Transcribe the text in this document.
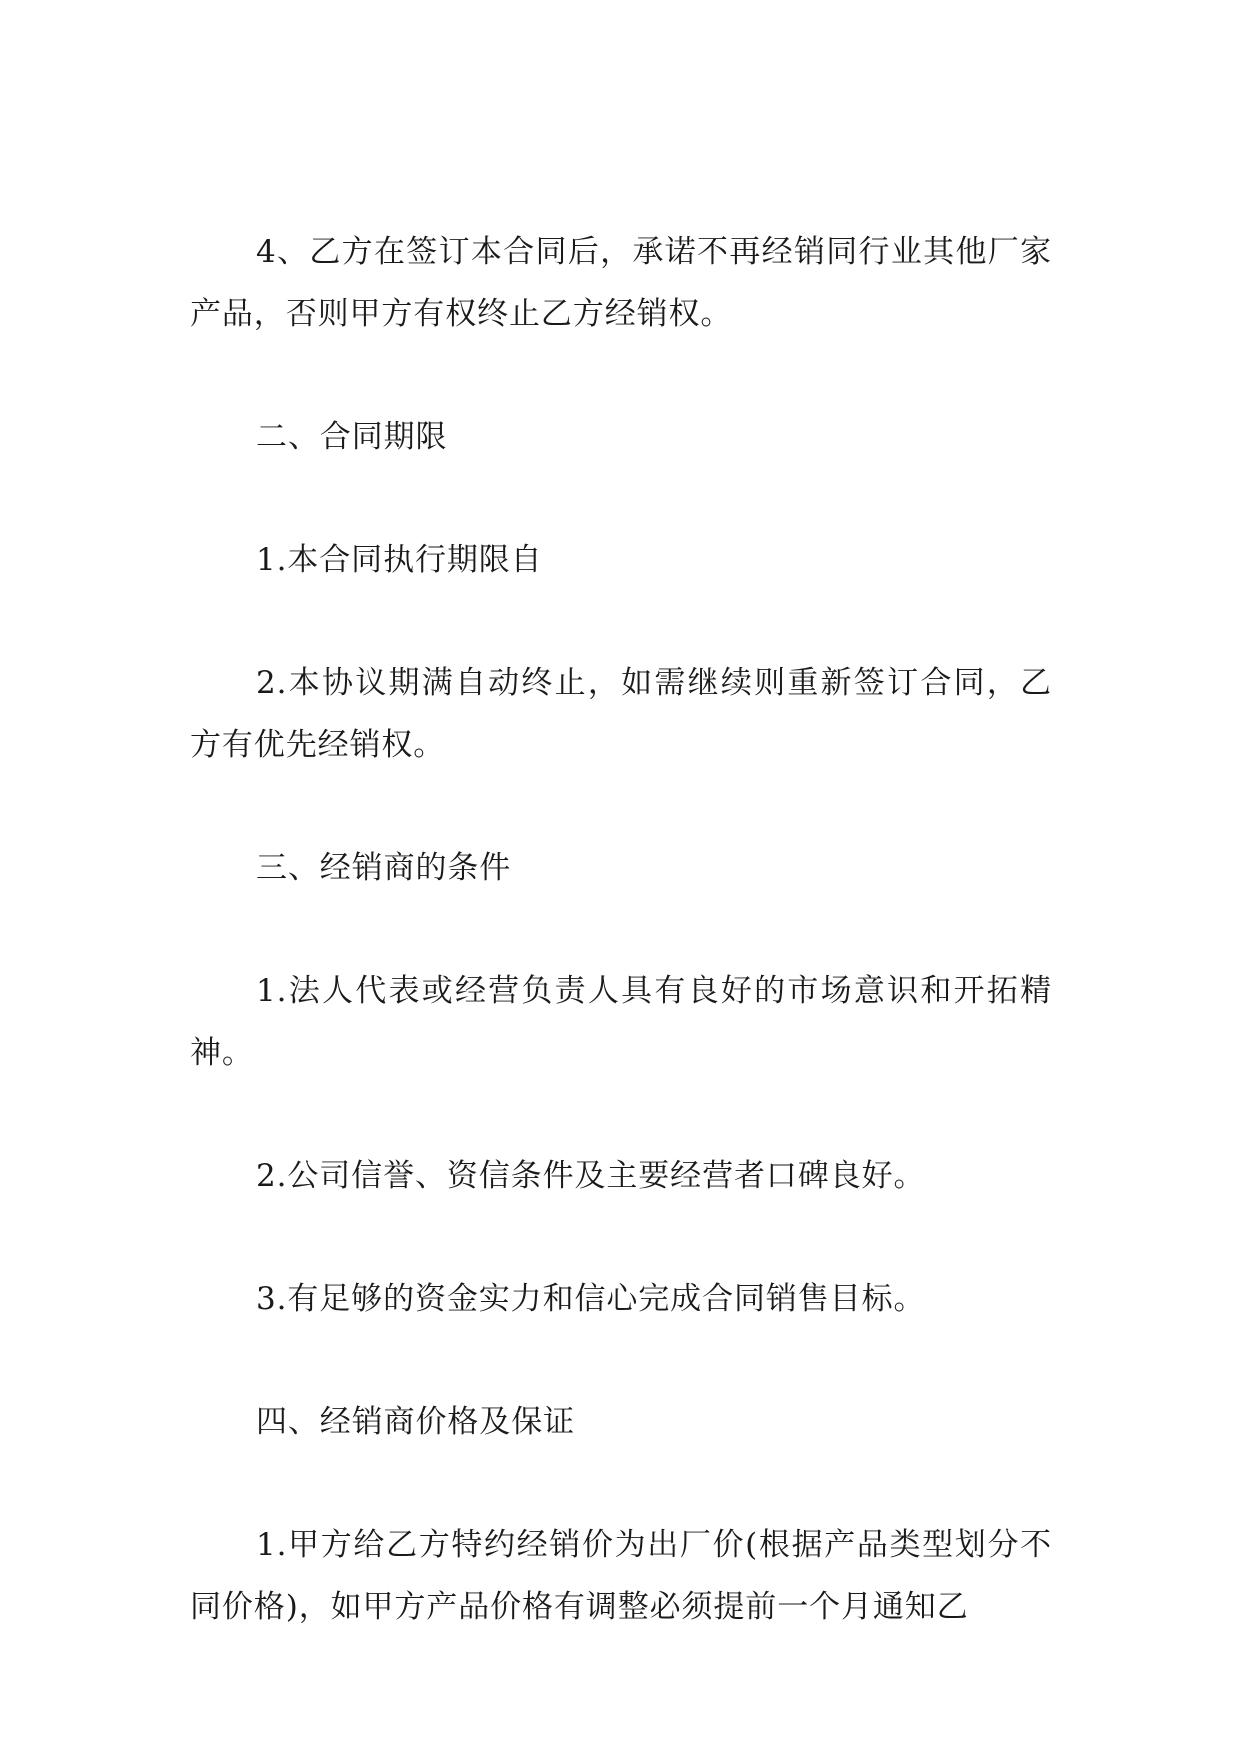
4、乙方在签订本合同后，承诺不再经销同行业其他厂家产品，否则甲方有权终止乙方经销权。

二、合同期限

1.本合同执行期限自

2.本协议期满自动终止，如需继续则重新签订合同，乙方有优先经销权。

三、经销商的条件

1.法人代表或经营负责人具有良好的市场意识和开拓精神。

2.公司信誉、资信条件及主要经营者口碑良好。

3.有足够的资金实力和信心完成合同销售目标。

四、经销商价格及保证

1.甲方给乙方特约经销价为出厂价(根据产品类型划分不同价格)，如甲方产品价格有调整必须提前一个月通知乙
